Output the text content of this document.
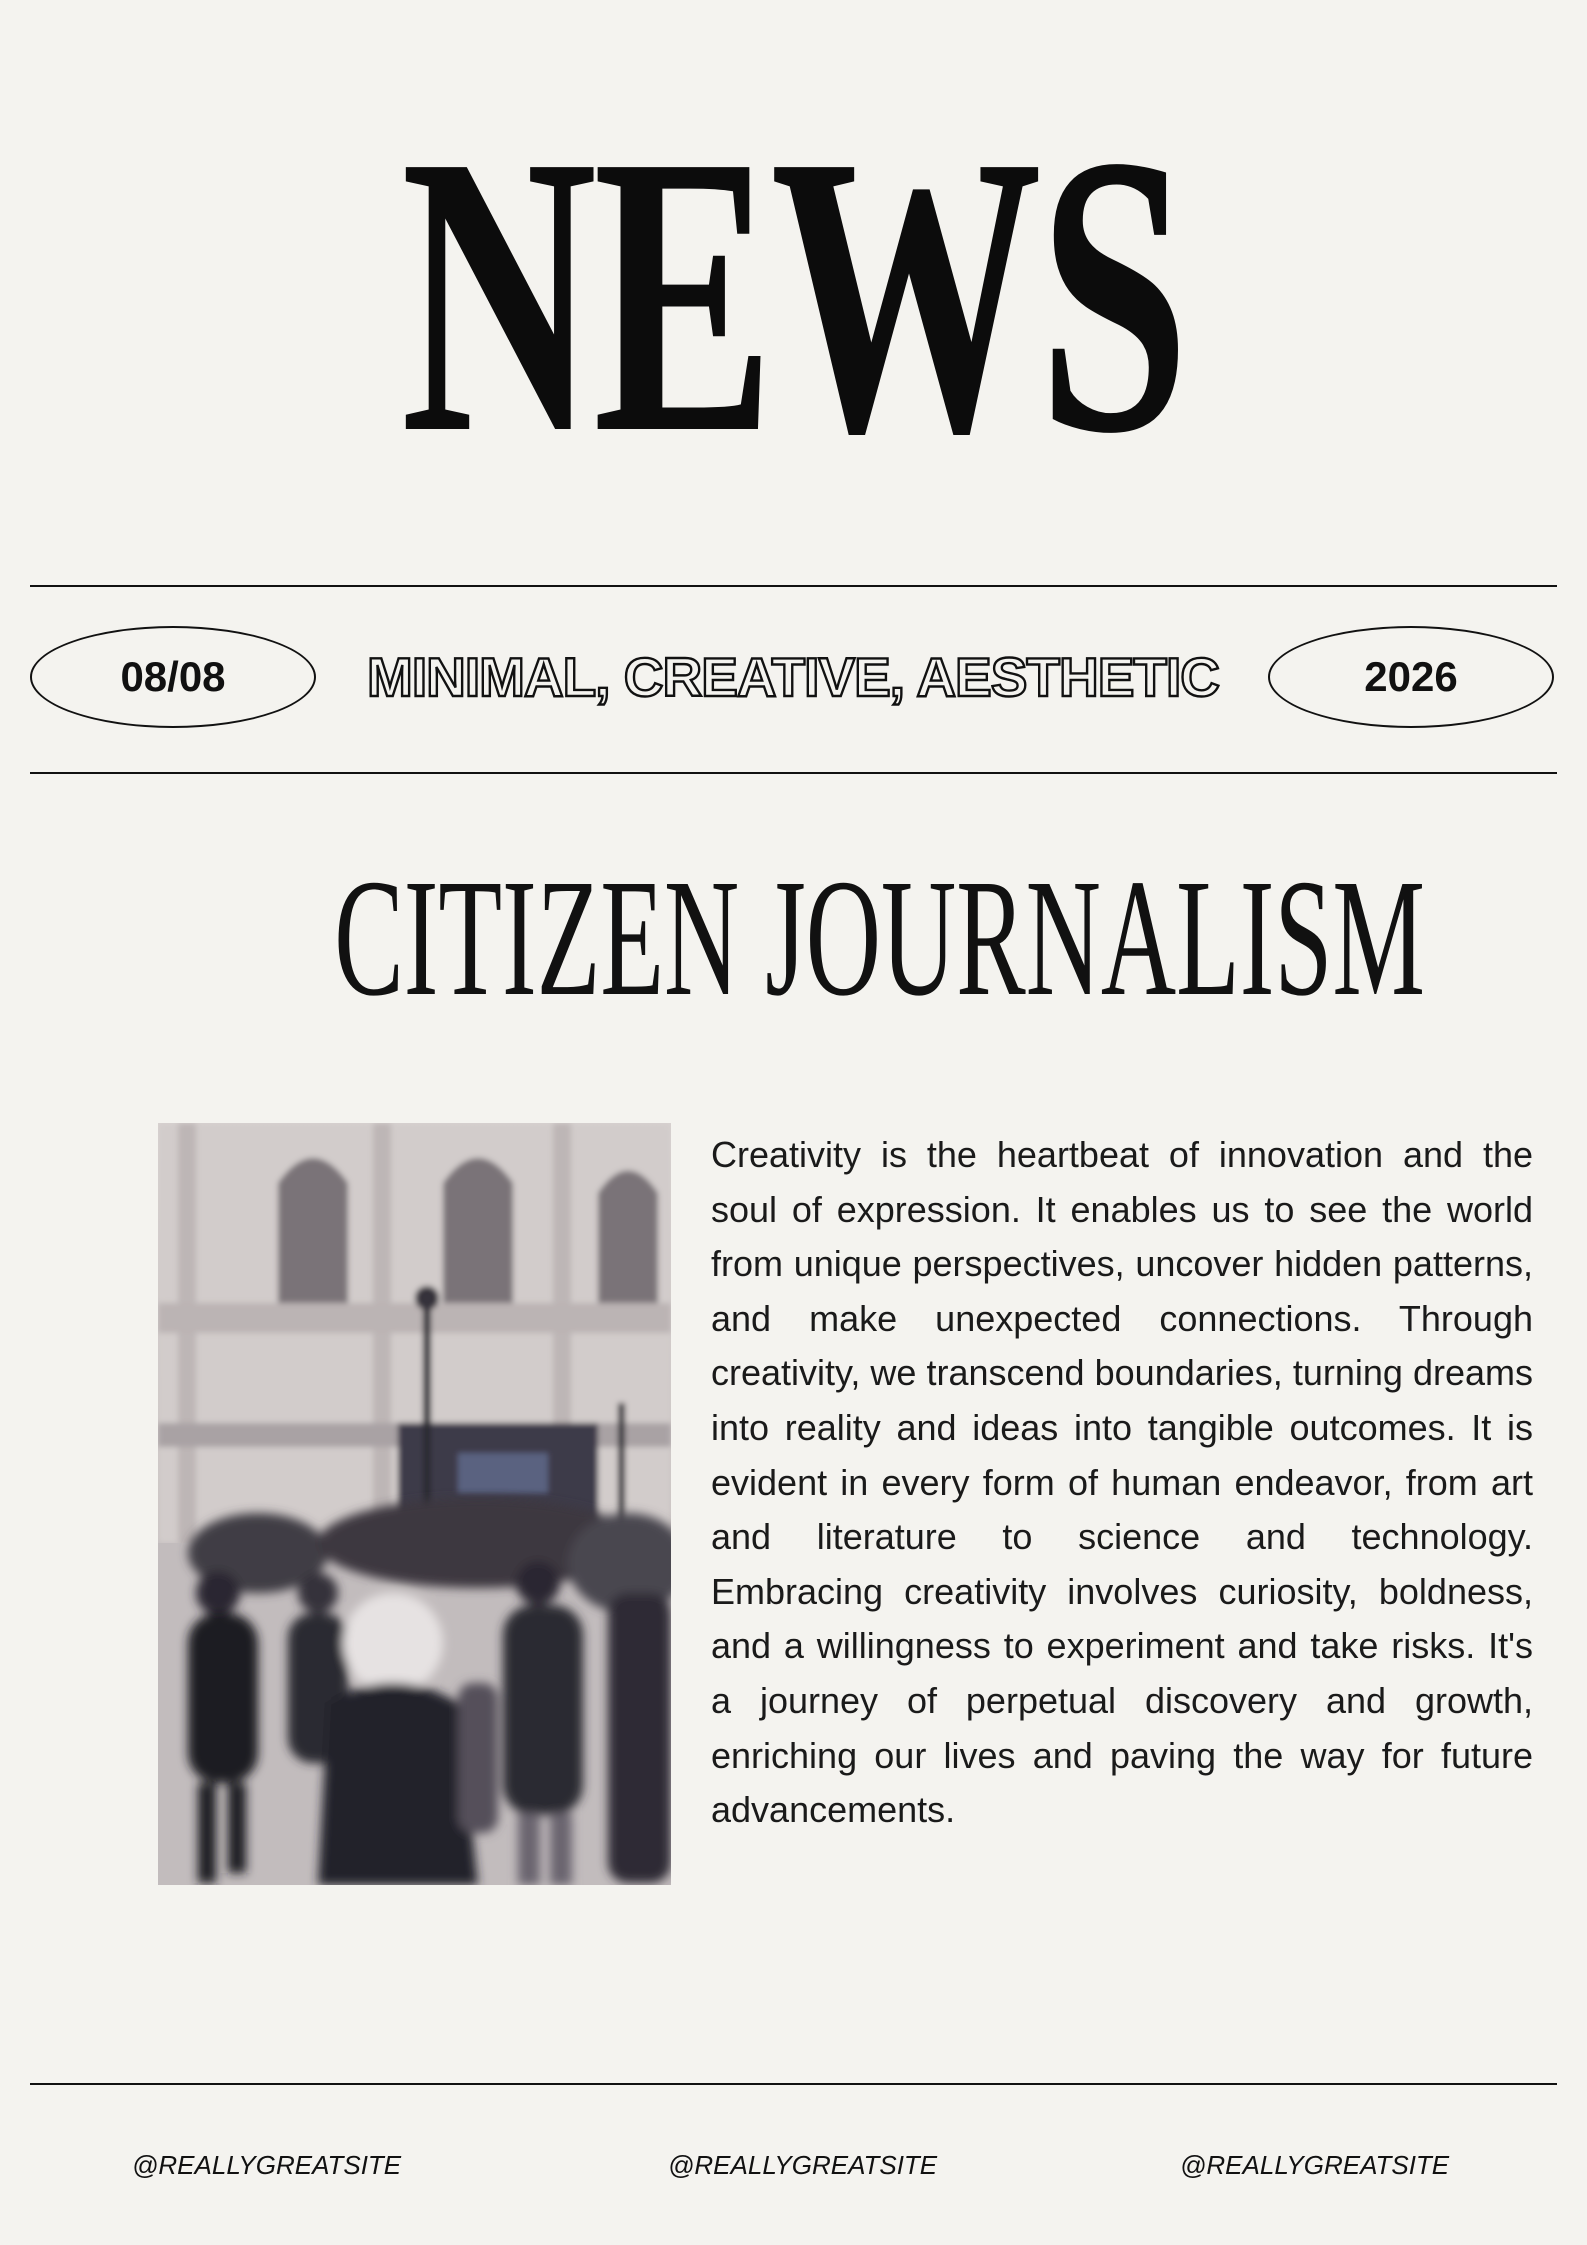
NEWS
08/08	MINIMAL, CREATIVE, AESTHETIC	2026
CITIZEN JOURNALISM

Creativity is the heartbeat of innovation and the soul of expression. It enables us to see the world from unique perspectives, uncover hidden patterns, and make unexpected connections. Through creativity, we transcend boundaries, turning dreams into reality and ideas into tangible outcomes. It is evident in every form of human endeavor, from art and literature to science and technology. Embracing creativity involves curiosity, boldness, and a willingness to experiment and take risks. It's a journey of perpetual discovery and growth, enriching our lives and paving the way for future advancements.

@REALLYGREATSITE	@REALLYGREATSITE	@REALLYGREATSITE
